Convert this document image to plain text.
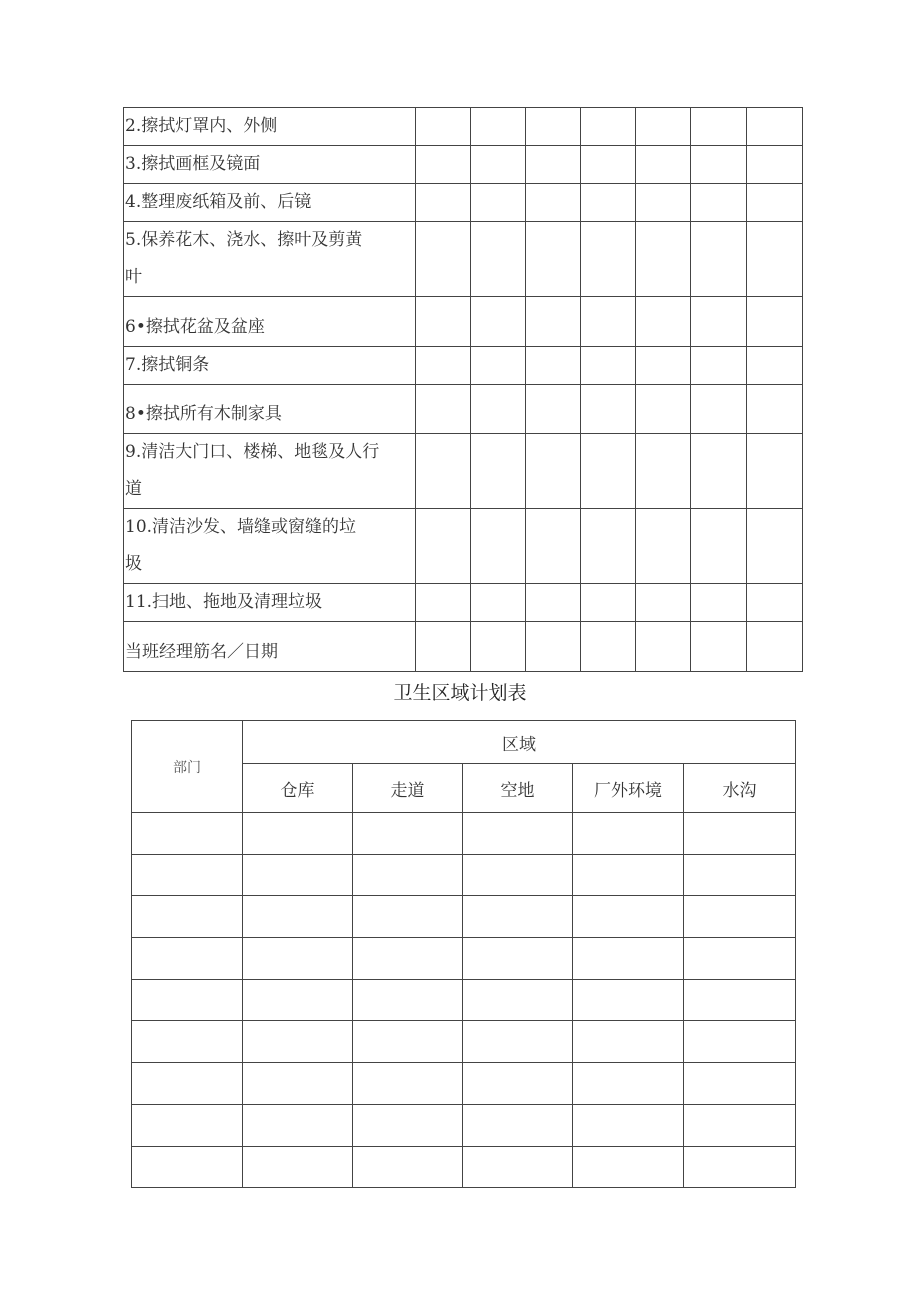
2.擦拭灯罩内、外侧							

3.擦拭画框及镜面							

4.整理废纸箱及前、后镜							

5.保养花木、浇水、擦叶及剪黄
叶							

6•擦拭花盆及盆座							

7.擦拭铜条							

8•擦拭所有木制家具							

9.清洁大门口、楼梯、地毯及人行
道							

10.清洁沙发、墙缝或窗缝的垃
圾							

11.扫地、拖地及清理垃圾							

当班经理筋名／日期							

卫生区域计划表
部门	区域				
	仓库	走道	空地	厂外环境	水沟
